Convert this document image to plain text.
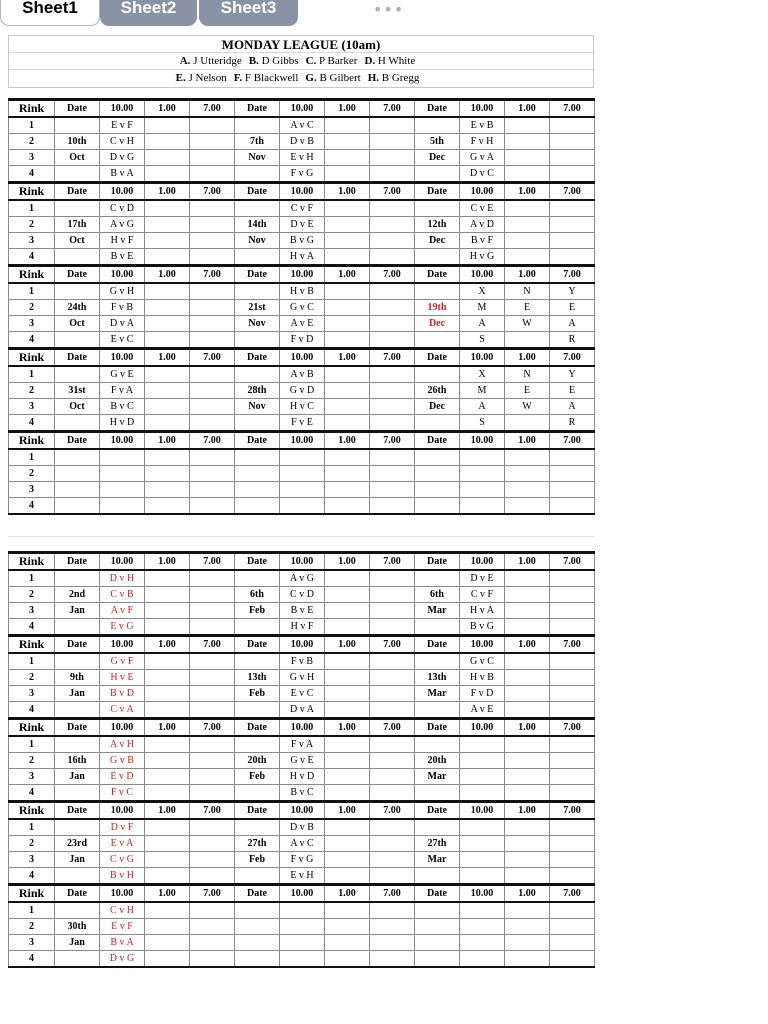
Sheet1	Sheet2	Sheet3	•••
MONDAY LEAGUE (10am)
A. J Utteridge B. D Gibbs C. P Barker D. H White
E. J Nelson F. F Blackwell G. B Gilbert H. B Gregg
Rink	Date	10.00	1.00	7.00	Date	10.00	1.00	7.00	Date	10.00	1.00	7.00
1		E v F				A v C				E v B		
2	10th	C v H			7th	D v B			5th	F v H		
3	Oct	D v G			Nov	E v H			Dec	G v A		
4		B v A				F v G				D v C		
Rink	Date	10.00	1.00	7.00	Date	10.00	1.00	7.00	Date	10.00	1.00	7.00
1		C v D				C v F				C v E		
2	17th	A v G			14th	D v E			12th	A v D		
3	Oct	H v F			Nov	B v G			Dec	B v F		
4		B v E				H v A				H v G		
Rink	Date	10.00	1.00	7.00	Date	10.00	1.00	7.00	Date	10.00	1.00	7.00
1		G v H				H v B				X	N	Y
2	24th	F v B			21st	G v C			19th	M	E	E
3	Oct	D v A			Nov	A v E			Dec	A	W	A
4		E v C				F v D				S		R
Rink	Date	10.00	1.00	7.00	Date	10.00	1.00	7.00	Date	10.00	1.00	7.00
1		G v E				A v B				X	N	Y
2	31st	F v A			28th	G v D			26th	M	E	E
3	Oct	B v C			Nov	H v C			Dec	A	W	A
4		H v D				F v E				S		R
Rink	Date	10.00	1.00	7.00	Date	10.00	1.00	7.00	Date	10.00	1.00	7.00
1												
2												
3												
4												
Rink	Date	10.00	1.00	7.00	Date	10.00	1.00	7.00	Date	10.00	1.00	7.00
1		D v H				A v G				D v E		
2	2nd	C v B			6th	C v D			6th	C v F		
3	Jan	A v F			Feb	B v E			Mar	H v A		
4		E v G				H v F				B v G		
Rink	Date	10.00	1.00	7.00	Date	10.00	1.00	7.00	Date	10.00	1.00	7.00
1		G v F				F v B				G v C		
2	9th	H v E			13th	G v H			13th	H v B		
3	Jan	B v D			Feb	E v C			Mar	F v D		
4		C v A				D v A				A v E		
Rink	Date	10.00	1.00	7.00	Date	10.00	1.00	7.00	Date	10.00	1.00	7.00
1		A v H				F v A						
2	16th	G v B			20th	G v E			20th			
3	Jan	E v D			Feb	H v D			Mar			
4		F v C				B v C						
Rink	Date	10.00	1.00	7.00	Date	10.00	1.00	7.00	Date	10.00	1.00	7.00
1		D v F				D v B						
2	23rd	E v A			27th	A v C			27th			
3	Jan	C v G			Feb	F v G			Mar			
4		B v H				E v H						
Rink	Date	10.00	1.00	7.00	Date	10.00	1.00	7.00	Date	10.00	1.00	7.00
1		C v H										
2	30th	E v F										
3	Jan	B v A										
4		D v G										
